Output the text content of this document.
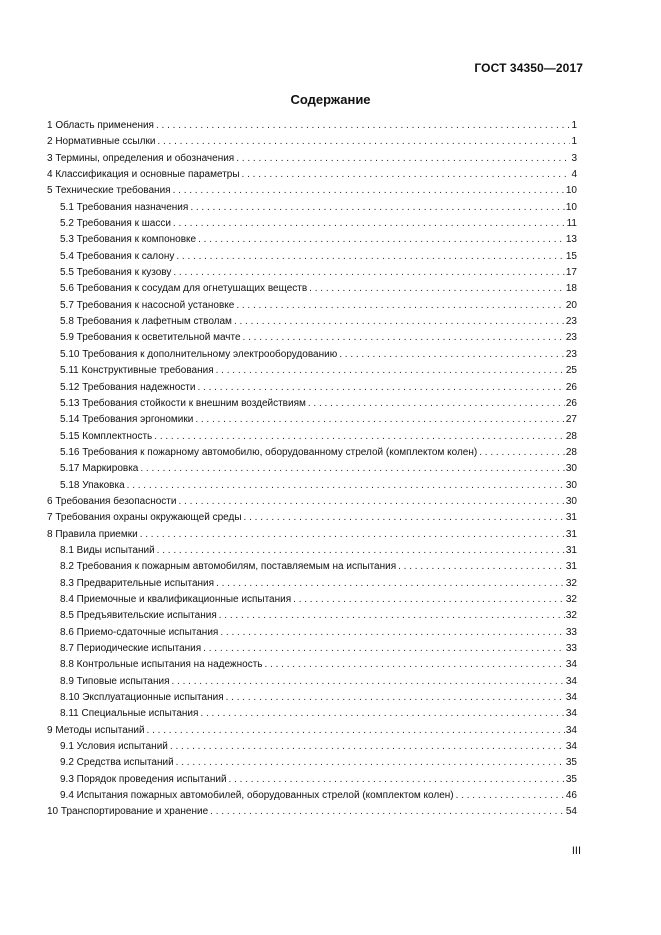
ГОСТ 34350—2017
Содержание
1 Область применения . . .	1
2 Нормативные ссылки . . .	1
3 Термины, определения и обозначения . . .	3
4 Классификация и основные параметры . . .	4
5 Технические требования . . .	10
5.1 Требования назначения . . .	10
5.2 Требования к шасси . . .	11
5.3 Требования к компоновке . . .	13
5.4 Требования к салону . . .	15
5.5 Требования к кузову . . .	17
5.6 Требования к сосудам для огнетушащих веществ . . .	18
5.7 Требования к насосной установке . . .	20
5.8 Требования к лафетным стволам . . .	23
5.9 Требования к осветительной мачте . . .	23
5.10 Требования к дополнительному электрооборудованию . . .	23
5.11 Конструктивные требования . . .	25
5.12 Требования надежности . . .	26
5.13 Требования стойкости к внешним воздействиям . . .	26
5.14 Требования эргономики . . .	27
5.15 Комплектность . . .	28
5.16 Требования к пожарному автомобилю, оборудованному стрелой (комплектом колен) . . .	28
5.17 Маркировка . . .	30
5.18 Упаковка . . .	30
6 Требования безопасности . . .	30
7 Требования охраны окружающей среды . . .	31
8 Правила приемки . . .	31
8.1 Виды испытаний . . .	31
8.2 Требования к пожарным автомобилям, поставляемым на испытания . . .	31
8.3 Предварительные испытания . . .	32
8.4 Приемочные и квалификационные испытания . . .	32
8.5 Предъявительские испытания . . .	32
8.6 Приемо-сдаточные испытания . . .	33
8.7 Периодические испытания . . .	33
8.8 Контрольные испытания на надежность . . .	34
8.9 Типовые испытания . . .	34
8.10 Эксплуатационные испытания . . .	34
8.11 Специальные испытания . . .	34
9 Методы испытаний . . .	34
9.1 Условия испытаний . . .	34
9.2 Средства испытаний . . .	35
9.3 Порядок проведения испытаний . . .	35
9.4 Испытания пожарных автомобилей, оборудованных стрелой (комплектом колен) . . .	46
10 Транспортирование и хранение . . .	54
III
